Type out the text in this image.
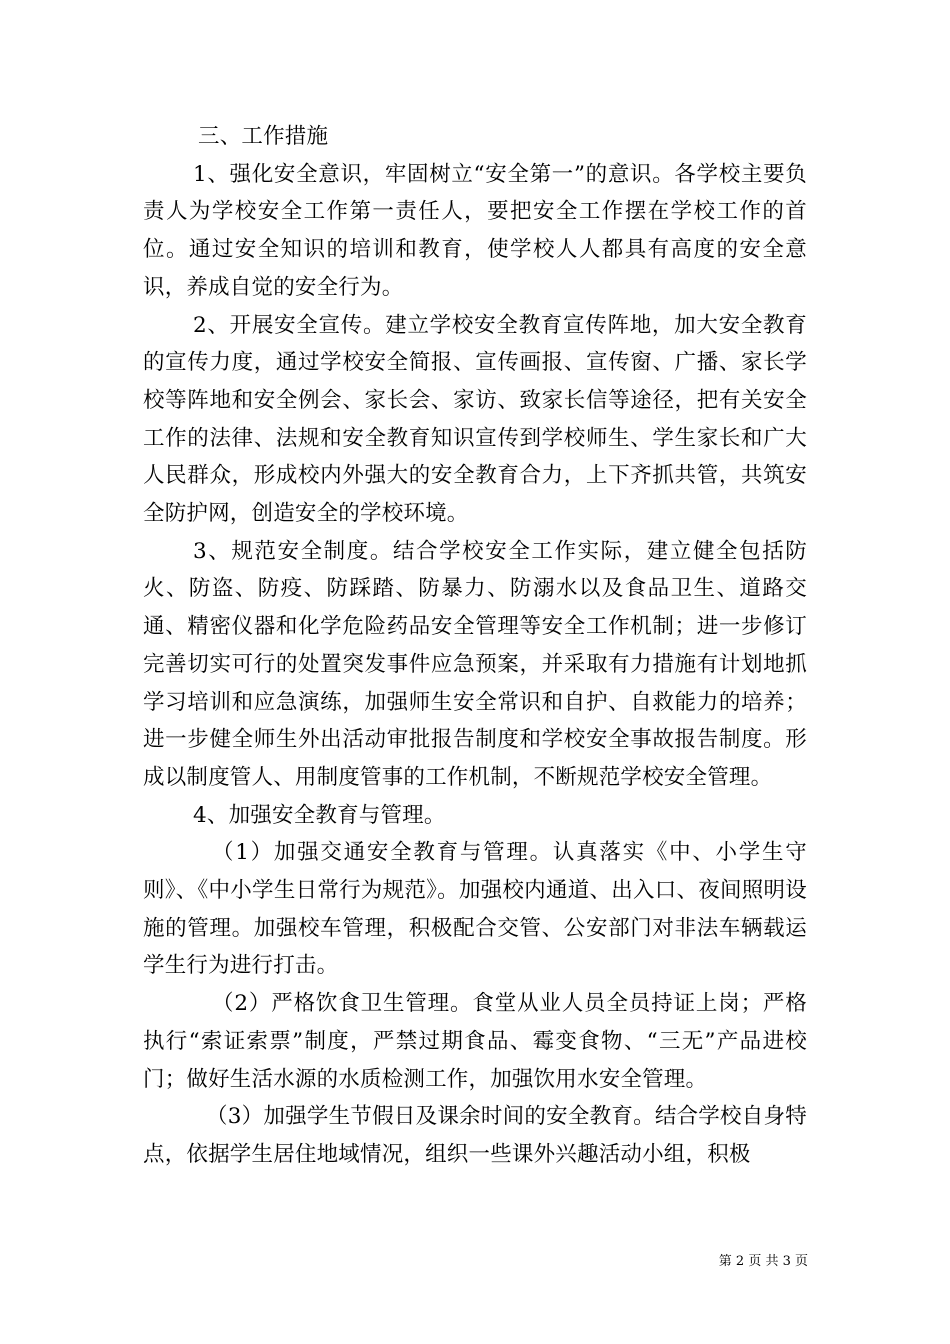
三、工作措施

1、强化安全意识，牢固树立“安全第一”的意识。各学校主要负责人为学校安全工作第一责任人，要把安全工作摆在学校工作的首位。通过安全知识的培训和教育，使学校人人都具有高度的安全意识，养成自觉的安全行为。

2、开展安全宣传。建立学校安全教育宣传阵地，加大安全教育的宣传力度，通过学校安全简报、宣传画报、宣传窗、广播、家长学校等阵地和安全例会、家长会、家访、致家长信等途径，把有关安全工作的法律、法规和安全教育知识宣传到学校师生、学生家长和广大人民群众，形成校内外强大的安全教育合力，上下齐抓共管，共筑安全防护网，创造安全的学校环境。

3、规范安全制度。结合学校安全工作实际，建立健全包括防火、防盗、防疫、防踩踏、防暴力、防溺水以及食品卫生、道路交通、精密仪器和化学危险药品安全管理等安全工作机制；进一步修订完善切实可行的处置突发事件应急预案，并采取有力措施有计划地抓学习培训和应急演练，加强师生安全常识和自护、自救能力的培养；进一步健全师生外出活动审批报告制度和学校安全事故报告制度。形成以制度管人、用制度管事的工作机制，不断规范学校安全管理。

4、加强安全教育与管理。

（1）加强交通安全教育与管理。认真落实《中、小学生守则》、《中小学生日常行为规范》。加强校内通道、出入口、夜间照明设施的管理。加强校车管理，积极配合交管、公安部门对非法车辆载运学生行为进行打击。

（2）严格饮食卫生管理。食堂从业人员全员持证上岗；严格执行“索证索票”制度，严禁过期食品、霉变食物、“三无”产品进校门；做好生活水源的水质检测工作，加强饮用水安全管理。

（3）加强学生节假日及课余时间的安全教育。结合学校自身特点，依据学生居住地域情况，组织一些课外兴趣活动小组，积极

第 2 页 共 3 页
